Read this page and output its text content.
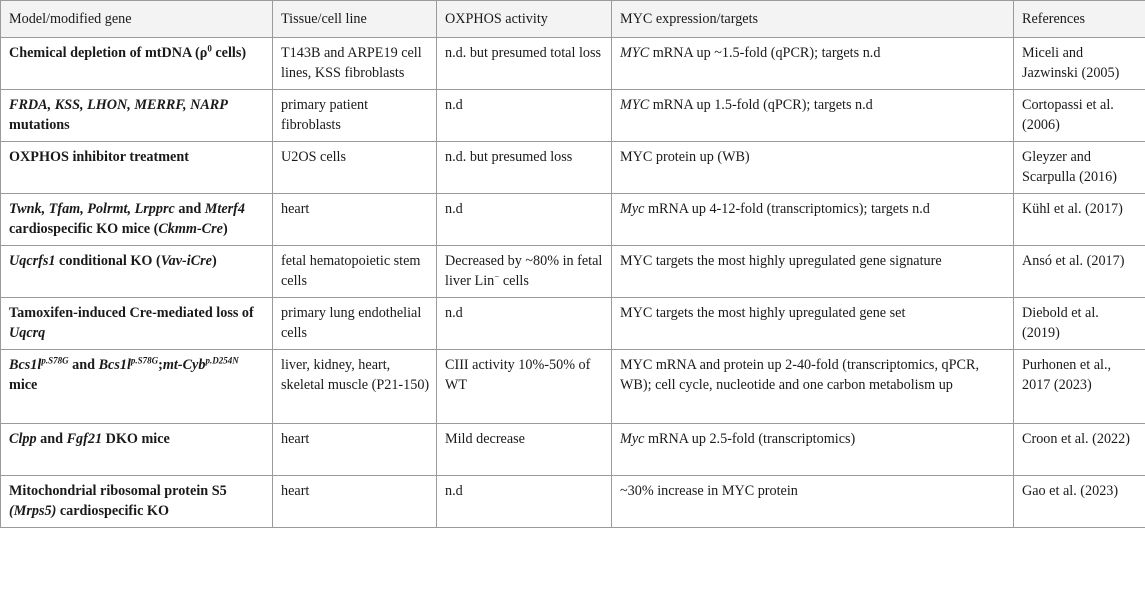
Model/modified gene	Tissue/cell line	OXPHOS activity	MYC expression/targets	References
Chemical depletion of mtDNA ($\rho^0$ cells)	T143B and ARPE19 cell lines, KSS fibroblasts	n.d. but presumed total loss	MYC mRNA up ~1.5-fold (qPCR); targets n.d	Miceli and Jazwinski (2005)
FRDA, KSS, LHON, MERRF, NARP mutations	primary patient fibroblasts	n.d	MYC mRNA up 1.5-fold (qPCR); targets n.d	Cortopassi et al. (2006)
OXPHOS inhibitor treatment	U2OS cells	n.d. but presumed loss	MYC protein up (WB)	Gleyzer and Scarpulla (2016)
Twnk, Tfam, Polrmt, Lrpprc and Mterf4 cardiospecific KO mice (Ckmm-Cre)	heart	n.d	Myc mRNA up 4-12-fold (transcriptomics); targets n.d	Kühl et al. (2017)
Uqcrfs1 conditional KO (Vav-iCre)	fetal hematopoietic stem cells	Decreased by ~80% in fetal liver Lin− cells	MYC targets the most highly upregulated gene signature	Ansó et al. (2017)
Tamoxifen-induced Cre-mediated loss of Uqcrq	primary lung endothelial cells	n.d	MYC targets the most highly upregulated gene set	Diebold et al. (2019)
$Bcs1l^{p.S78G}$ and $Bcs1l^{p.S78G};mt-Cyb^{p.D254N}$ mice	liver, kidney, heart, skeletal muscle (P21-150)	CIII activity 10%-50% of WT	MYC mRNA and protein up 2-40-fold (transcriptomics, qPCR, WB); cell cycle, nucleotide and one carbon metabolism up	Purhonen et al., 2017 (2023)
Clpp and Fgf21 DKO mice	heart	Mild decrease	Myc mRNA up 2.5-fold (transcriptomics)	Croon et al. (2022)
Mitochondrial ribosomal protein S5 (Mrps5) cardiospecific KO	heart	n.d	~30% increase in MYC protein	Gao et al. (2023)
